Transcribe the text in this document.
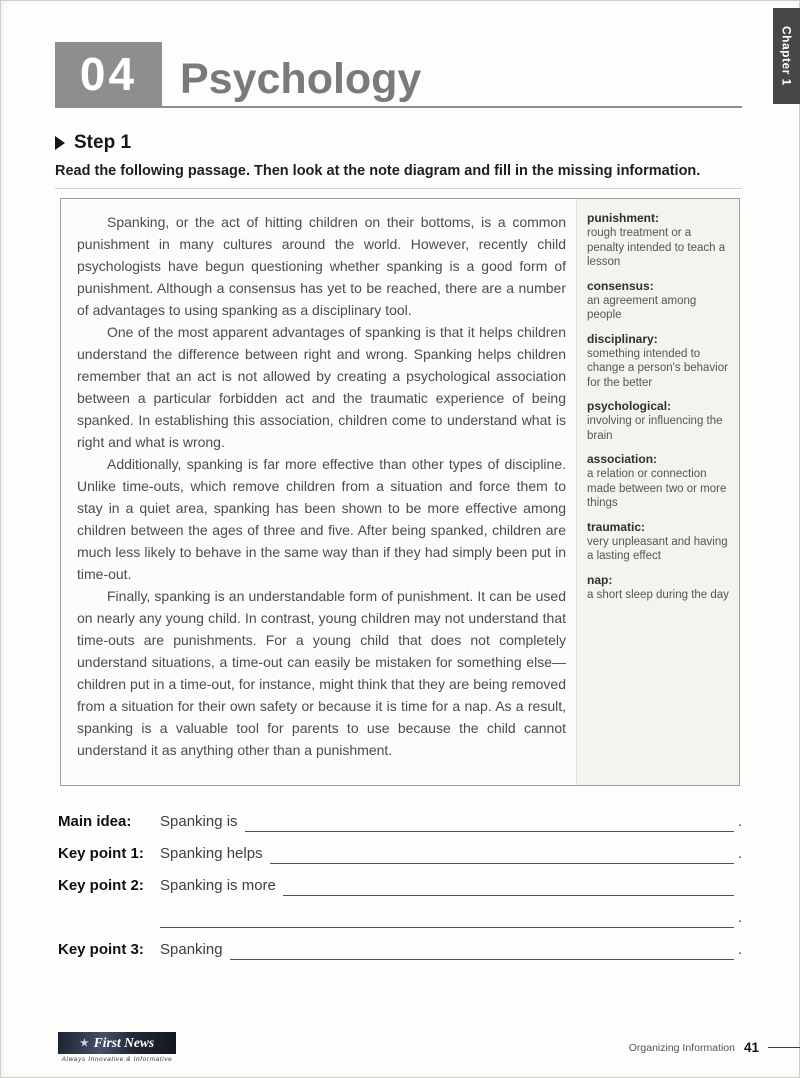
Chapter 1
04 Psychology
Step 1
Read the following passage. Then look at the note diagram and fill in the missing information.

Spanking, or the act of hitting children on their bottoms, is a common punishment in many cultures around the world. However, recently child psychologists have begun questioning whether spanking is a good form of punishment. Although a consensus has yet to be reached, there are a number of advantages to using spanking as a disciplinary tool.

One of the most apparent advantages of spanking is that it helps children understand the difference between right and wrong. Spanking helps children remember that an act is not allowed by creating a psychological association between a particular forbidden act and the traumatic experience of being spanked. In establishing this association, children come to understand what is right and what is wrong.

Additionally, spanking is far more effective than other types of discipline. Unlike time-outs, which remove children from a situation and force them to stay in a quiet area, spanking has been shown to be more effective among children between the ages of three and five. After being spanked, children are much less likely to behave in the same way than if they had simply been put in time-out.

Finally, spanking is an understandable form of punishment. It can be used on nearly any young child. In contrast, young children may not understand that time-outs are punishments. For a young child that does not completely understand situations, a time-out can easily be mistaken for something else—children put in a time-out, for instance, might think that they are being removed from a situation for their own safety or because it is time for a nap. As a result, spanking is a valuable tool for parents to use because the child cannot understand it as anything other than a punishment.

punishment:
rough treatment or a penalty intended to teach a lesson
consensus:
an agreement among people
disciplinary:
something intended to change a person's behavior for the better
psychological:
involving or influencing the brain
association:
a relation or connection made between two or more things
traumatic:
very unpleasant and having a lasting effect
nap:
a short sleep during the day
Main idea:	Spanking is	.
Key point 1:	Spanking helps	.
Key point 2:	Spanking is more
.
Key point 3:	Spanking	.
★ First News
Always Innovative & Informative
Organizing Information 41
